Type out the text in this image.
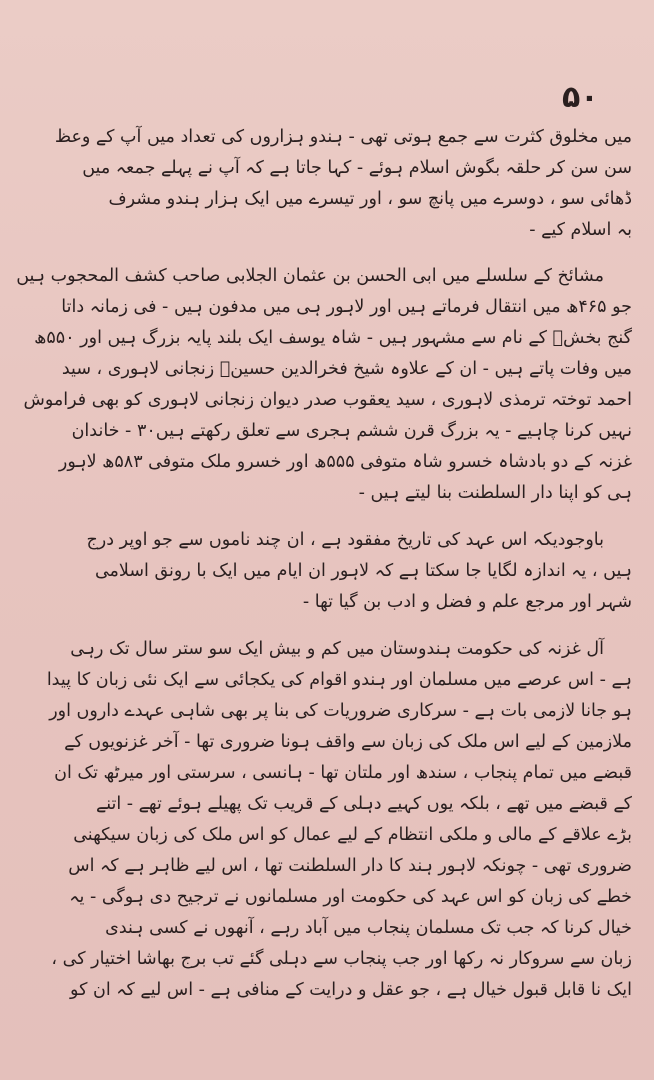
۵۰
میں مخلوق کثرت سے جمع ہوتی تھی - ہندو ہزاروں کی تعداد میں آپ کے وعظ
سن سن کر حلقہ بگوش اسلام ہوئے - کہا جاتا ہے کہ آپ نے پہلے جمعہ میں
ڈھائی سو ، دوسرے میں پانچ سو ، اور تیسرے میں ایک ہزار ہندو مشرف
بہ اسلام کیے -
مشائخ کے سلسلے میں ابی الحسن بن عثمان الجلابی صاحب کشف المحجوب ہیں
جو ۴۶۵ھ میں انتقال فرماتے ہیں اور لاہور ہی میں مدفون ہیں - فی زمانہ داتا
گنج بخشؒ کے نام سے مشہور ہیں - شاہ یوسف ایک بلند پایہ بزرگ ہیں اور ۵۵۰ھ
میں وفات پاتے ہیں - ان کے علاوہ شیخ فخرالدین حسینؒ زنجانی لاہوری ، سید
احمد توختہ ترمذی لاہوری ، سید یعقوب صدر دیوان زنجانی لاہوری کو بھی فراموش
نہیں کرنا چاہیے - یہ بزرگ قرن ششم ہجری سے تعلق رکھتے ہیں۳۰ - خاندان
غزنہ کے دو بادشاہ خسرو شاہ متوفی ۵۵۵ھ اور خسرو ملک متوفی ۵۸۳ھ لاہور
ہی کو اپنا دار السلطنت بنا لیتے ہیں -
باوجودیکہ اس عہد کی تاریخ مفقود ہے ، ان چند ناموں سے جو اوپر درج
ہیں ، یہ اندازہ لگایا جا سکتا ہے کہ لاہور ان ایام میں ایک با رونق اسلامی
شہر اور مرجع علم و فضل و ادب بن گیا تھا -
آل غزنہ کی حکومت ہندوستان میں کم و بیش ایک سو ستر سال تک رہی
ہے - اس عرصے میں مسلمان اور ہندو اقوام کی یکجائی سے ایک نئی زبان کا پیدا
ہو جانا لازمی بات ہے - سرکاری ضروریات کی بنا پر بھی شاہی عہدے داروں اور
ملازمین کے لیے اس ملک کی زبان سے واقف ہونا ضروری تھا - آخر غزنویوں کے
قبضے میں تمام پنجاب ، سندھ اور ملتان تھا - ہانسی ، سرستی اور میرٹھ تک ان
کے قبضے میں تھے ، بلکہ یوں کہیے دہلی کے قریب تک پھیلے ہوئے تھے - اتنے
بڑے علاقے کے مالی و ملکی انتظام کے لیے عمال کو اس ملک کی زبان سیکھنی
ضروری تھی - چونکہ لاہور ہند کا دار السلطنت تھا ، اس لیے ظاہر ہے کہ اس
خطے کی زبان کو اس عہد کی حکومت اور مسلمانوں نے ترجیح دی ہوگی - یہ
خیال کرنا کہ جب تک مسلمان پنجاب میں آباد رہے ، آنھوں نے کسی ہندی
زبان سے سروکار نہ رکھا اور جب پنجاب سے دہلی گئے تب برج بھاشا اختیار کی ،
ایک نا قابل قبول خیال ہے ، جو عقل و درایت کے منافی ہے - اس لیے کہ ان کو
